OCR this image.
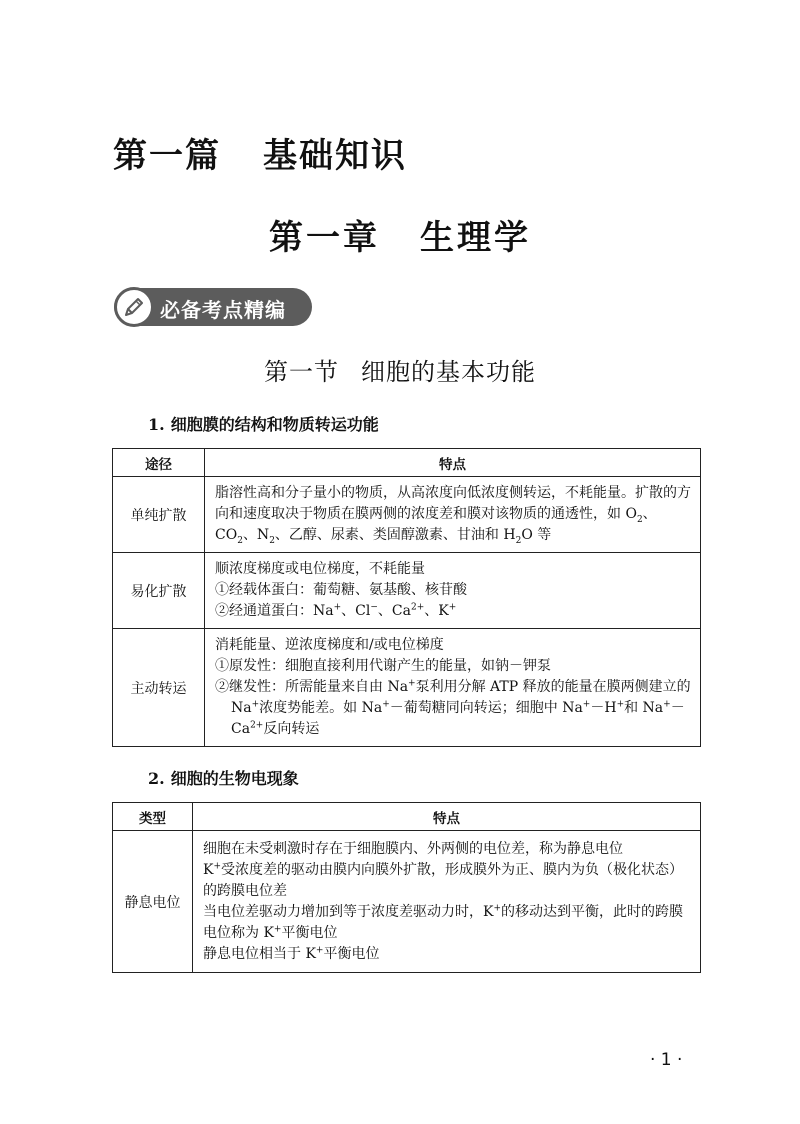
第一篇 基础知识
第一章 生理学
必备考点精编
第一节 细胞的基本功能
1. 细胞膜的结构和物质转运功能
途径	特点
单纯扩散	脂溶性高和分子量小的物质，从高浓度向低浓度侧转运，不耗能量。扩散的方向和速度取决于物质在膜两侧的浓度差和膜对该物质的通透性，如 $O_2$、$CO_2$、$N_2$、乙醇、尿素、类固醇激素、甘油和 $H_2O$ 等
易化扩散	顺浓度梯度或电位梯度，不耗能量

①经载体蛋白：葡萄糖、氨基酸、核苷酸

②经通道蛋白：Na+、Cl−、$Ca^{2+}$、K+

主动转运	消耗能量、逆浓度梯度和/或电位梯度

①原发性：细胞直接利用代谢产生的能量，如钠－钾泵

②继发性：所需能量来自由 Na+泵利用分解 ATP 释放的能量在膜两侧建立的 Na+浓度势能差。如 Na+－葡萄糖同向转运；细胞中 Na+－H+和 $Na^+-Ca^{2+}$反向转运

2. 细胞的生物电现象
类型	特点
静息电位	细胞在未受刺激时存在于细胞膜内、外两侧的电位差，称为静息电位

K+受浓度差的驱动由膜内向膜外扩散，形成膜外为正、膜内为负（极化状态）的跨膜电位差

当电位差驱动力增加到等于浓度差驱动力时，K+的移动达到平衡，此时的跨膜电位称为 K+平衡电位

静息电位相当于 K+平衡电位

· 1 ·
